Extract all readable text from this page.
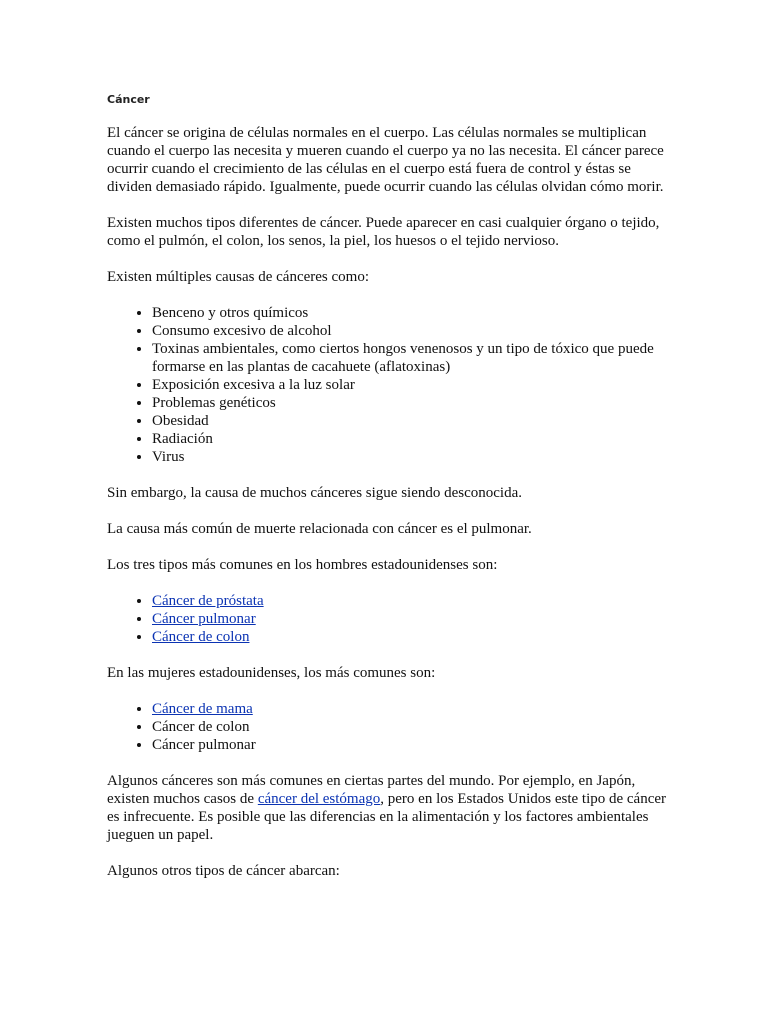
Cáncer

El cáncer se origina de células normales en el cuerpo. Las células normales se multiplican cuando el cuerpo las necesita y mueren cuando el cuerpo ya no las necesita. El cáncer parece ocurrir cuando el crecimiento de las células en el cuerpo está fuera de control y éstas se dividen demasiado rápido. Igualmente, puede ocurrir cuando las células olvidan cómo morir.

Existen muchos tipos diferentes de cáncer. Puede aparecer en casi cualquier órgano o tejido, como el pulmón, el colon, los senos, la piel, los huesos o el tejido nervioso.

Existen múltiples causas de cánceres como:

• Benceno y otros químicos
• Consumo excesivo de alcohol
• Toxinas ambientales, como ciertos hongos venenosos y un tipo de tóxico que puede formarse en las plantas de cacahuete (aflatoxinas)
• Exposición excesiva a la luz solar
• Problemas genéticos
• Obesidad
• Radiación
• Virus

Sin embargo, la causa de muchos cánceres sigue siendo desconocida.

La causa más común de muerte relacionada con cáncer es el pulmonar.

Los tres tipos más comunes en los hombres estadounidenses son:

• Cáncer de próstata
• Cáncer pulmonar
• Cáncer de colon

En las mujeres estadounidenses, los más comunes son:

• Cáncer de mama
• Cáncer de colon
• Cáncer pulmonar

Algunos cánceres son más comunes en ciertas partes del mundo. Por ejemplo, en Japón, existen muchos casos de cáncer del estómago, pero en los Estados Unidos este tipo de cáncer es infrecuente. Es posible que las diferencias en la alimentación y los factores ambientales jueguen un papel.

Algunos otros tipos de cáncer abarcan:
